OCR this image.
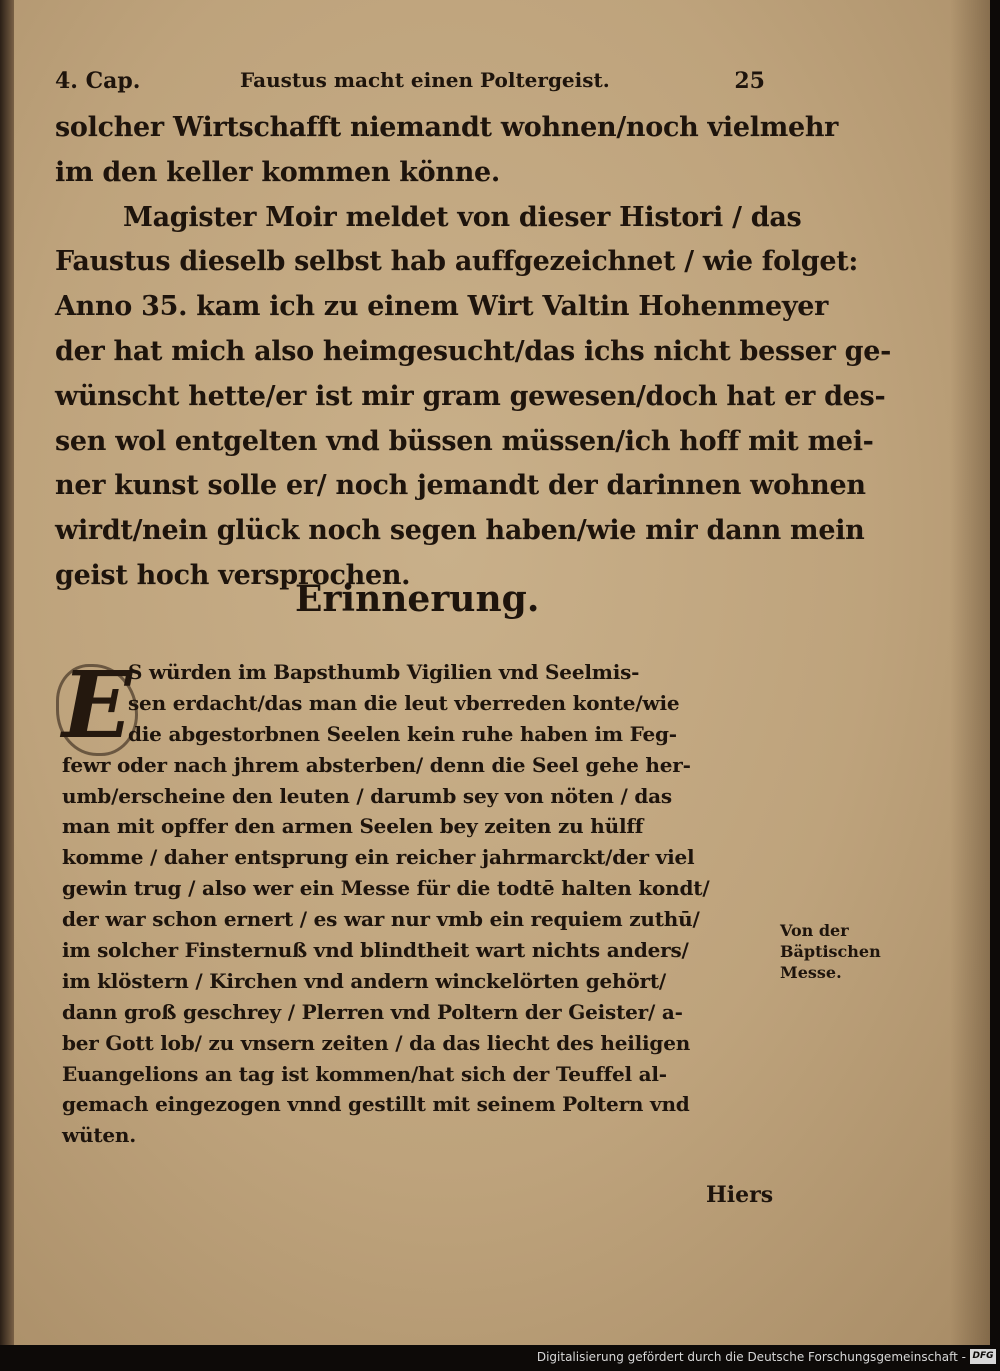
4. Cap.	Faustus macht einen Poltergeist.	25
solcher Wirtschafft niemandt wohnen/noch vielmehr
im den keller kommen könne.
Magister Moir meldet von dieser Histori / das
Faustus dieselb selbst hab auffgezeichnet / wie folget:
Anno 35. kam ich zu einem Wirt Valtin Hohenmeyer
der hat mich also heimgesucht/das ichs nicht besser ge-
wünscht hette/er ist mir gram gewesen/doch hat er des-
sen wol entgelten vnd büssen müssen/ich hoff mit mei-
ner kunst solle er/ noch jemandt der darinnen wohnen
wirdt/nein glück noch segen haben/wie mir dann mein
geist hoch versprochen.
Erinnerung.
E
S würden im Bapsthumb Vigilien vnd Seelmis-
sen erdacht/das man die leut vberreden konte/wie
die abgestorbnen Seelen kein ruhe haben im Feg-
fewr oder nach jhrem absterben/ denn die Seel gehe her-
umb/erscheine den leuten / darumb sey von nöten / das
man mit opffer den armen Seelen bey zeiten zu hülff
komme / daher entsprung ein reicher jahrmarckt/der viel
gewin trug / also wer ein Messe für die todtē halten kondt/
der war schon ernert / es war nur vmb ein requiem zuthū/
im solcher Finsternuß vnd blindtheit wart nichts anders/
im klöstern / Kirchen vnd andern winckelörten gehört/
dann groß geschrey / Plerren vnd Poltern der Geister/ a-
ber Gott lob/ zu vnsern zeiten / da das liecht des heiligen
Euangelions an tag ist kommen/hat sich der Teuffel al-
gemach eingezogen vnnd gestillt mit seinem Poltern vnd
wüten.
Von der
Bäptischen
Messe.
Hiers
Digitalisierung gefördert durch die Deutsche Forschungsgemeinschaft - DFG
